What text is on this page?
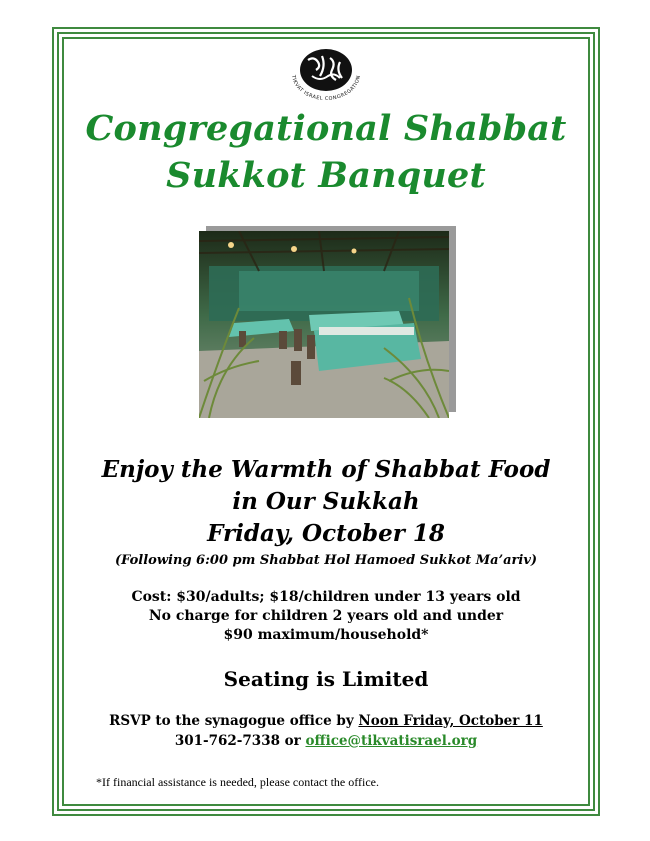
TIKVAT ISRAEL CONGREGATION
Congregational Shabbat
Sukkot Banquet
Enjoy the Warmth of Shabbat Food
in Our Sukkah
Friday, October 18
(Following 6:00 pm Shabbat Hol Hamoed Sukkot Ma’ariv)
Cost: $30/adults; $18/children under 13 years old
No charge for children 2 years old and under
$90 maximum/household*
Seating is Limited
RSVP to the synagogue office by Noon Friday, October 11
301-762-7338 or office@tikvatisrael.org
*If financial assistance is needed, please contact the office.
